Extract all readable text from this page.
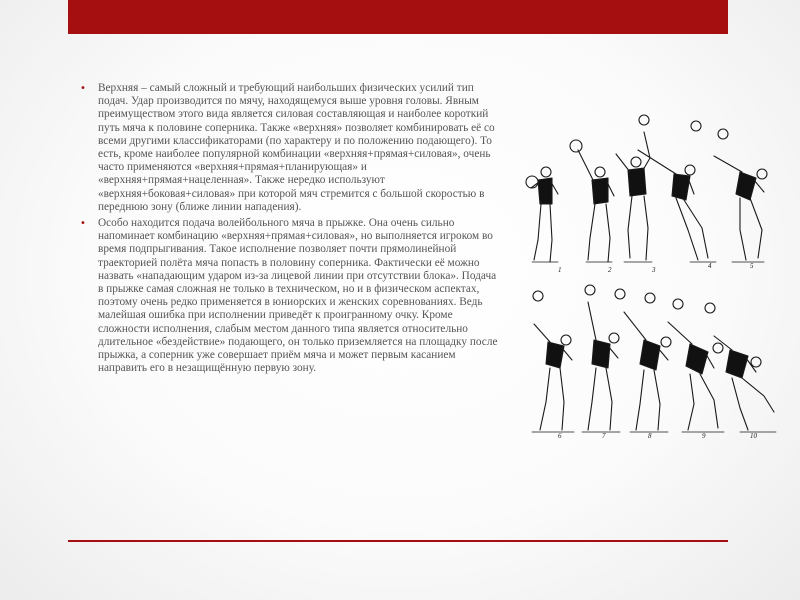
• Верхняя – самый сложный и требующий наибольших физических усилий тип подач. Удар производится по мячу, находящемуся выше уровня головы. Явным преимуществом этого вида является силовая составляющая и наиболее короткий путь мяча к половине соперника. Также «верхняя» позволяет комбинировать её со всеми другими классификаторами (по характеру и по положению подающего). То есть, кроме наиболее популярной комбинации «верхняя+прямая+силовая», очень часто применяются «верхняя+прямая+планирующая» и «верхняя+прямая+нацеленная». Также нередко используют «верхняя+боковая+силовая» при которой мяч стремится с большой скоростью в переднюю зону (ближе линии нападения).
• Особо находится подача волейбольного мяча в прыжке. Она очень сильно напоминает комбинацию «верхняя+прямая+силовая», но выполняется игроком во время подпрыгивания. Такое исполнение позволяет почти прямолинейной траекторией полёта мяча попасть в половину соперника. Фактически её можно назвать «нападающим ударом из-за лицевой линии при отсутствии блока». Подача в прыжке самая сложная не только в техническом, но и в физическом аспектах, поэтому очень редко применяется в юниорских и женских соревнованиях. Ведь малейшая ошибка при исполнении приведёт к проигранному очку. Кроме сложности исполнения, слабым местом данного типа является относительно длительное «бездействие» подающего, он только приземляется на площадку после прыжка, а соперник уже совершает приём мяча и может первым касанием направить его в незащищённую первую зону.
1	2	3	4	5
6	7	8	9	10
